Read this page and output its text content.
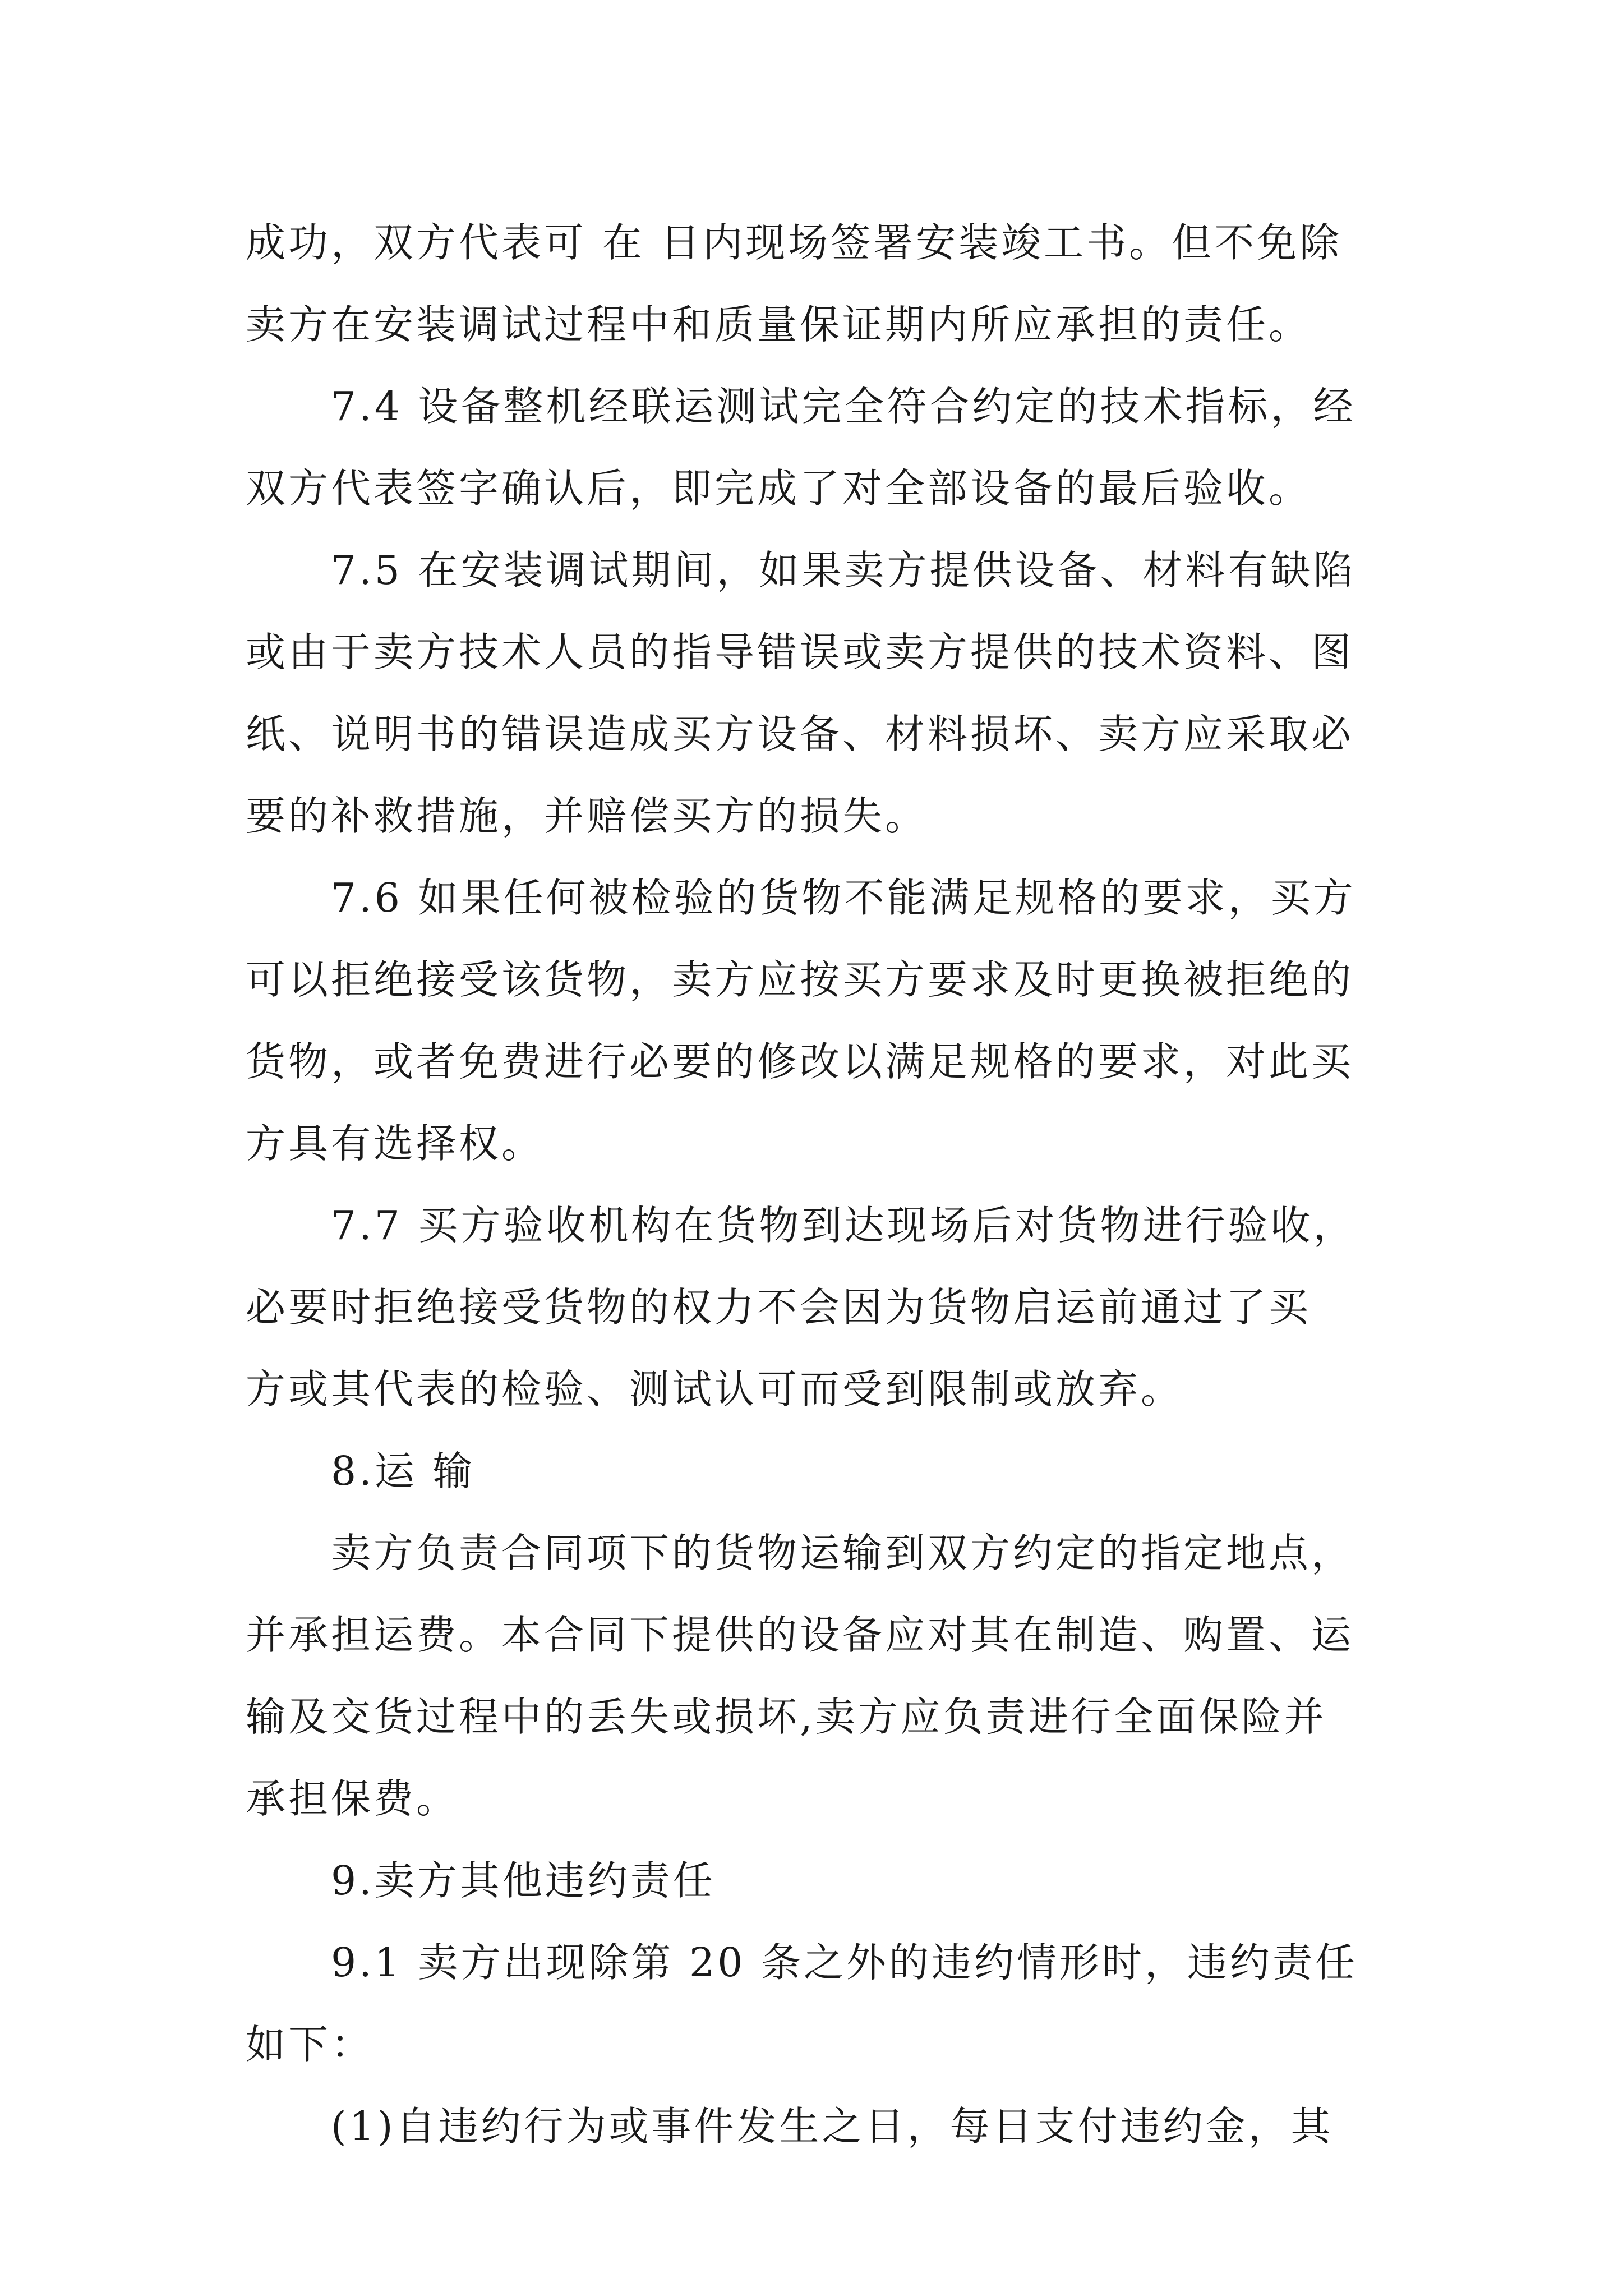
成功，双方代表可 在 日内现场签署安装竣工书。但不免除
卖方在安装调试过程中和质量保证期内所应承担的责任。
7.4 设备整机经联运测试完全符合约定的技术指标，经
双方代表签字确认后，即完成了对全部设备的最后验收。
7.5 在安装调试期间，如果卖方提供设备、材料有缺陷
或由于卖方技术人员的指导错误或卖方提供的技术资料、图
纸、说明书的错误造成买方设备、材料损坏、卖方应采取必
要的补救措施，并赔偿买方的损失。
7.6 如果任何被检验的货物不能满足规格的要求，买方
可以拒绝接受该货物，卖方应按买方要求及时更换被拒绝的
货物，或者免费进行必要的修改以满足规格的要求，对此买
方具有选择权。
7.7 买方验收机构在货物到达现场后对货物进行验收，
必要时拒绝接受货物的权力不会因为货物启运前通过了买
方或其代表的检验、测试认可而受到限制或放弃。
8.运 输
卖方负责合同项下的货物运输到双方约定的指定地点，
并承担运费。本合同下提供的设备应对其在制造、购置、运
输及交货过程中的丢失或损坏,卖方应负责进行全面保险并
承担保费。
9.卖方其他违约责任
9.1 卖方出现除第 20 条之外的违约情形时，违约责任
如下：
(1)自违约行为或事件发生之日，每日支付违约金，其
